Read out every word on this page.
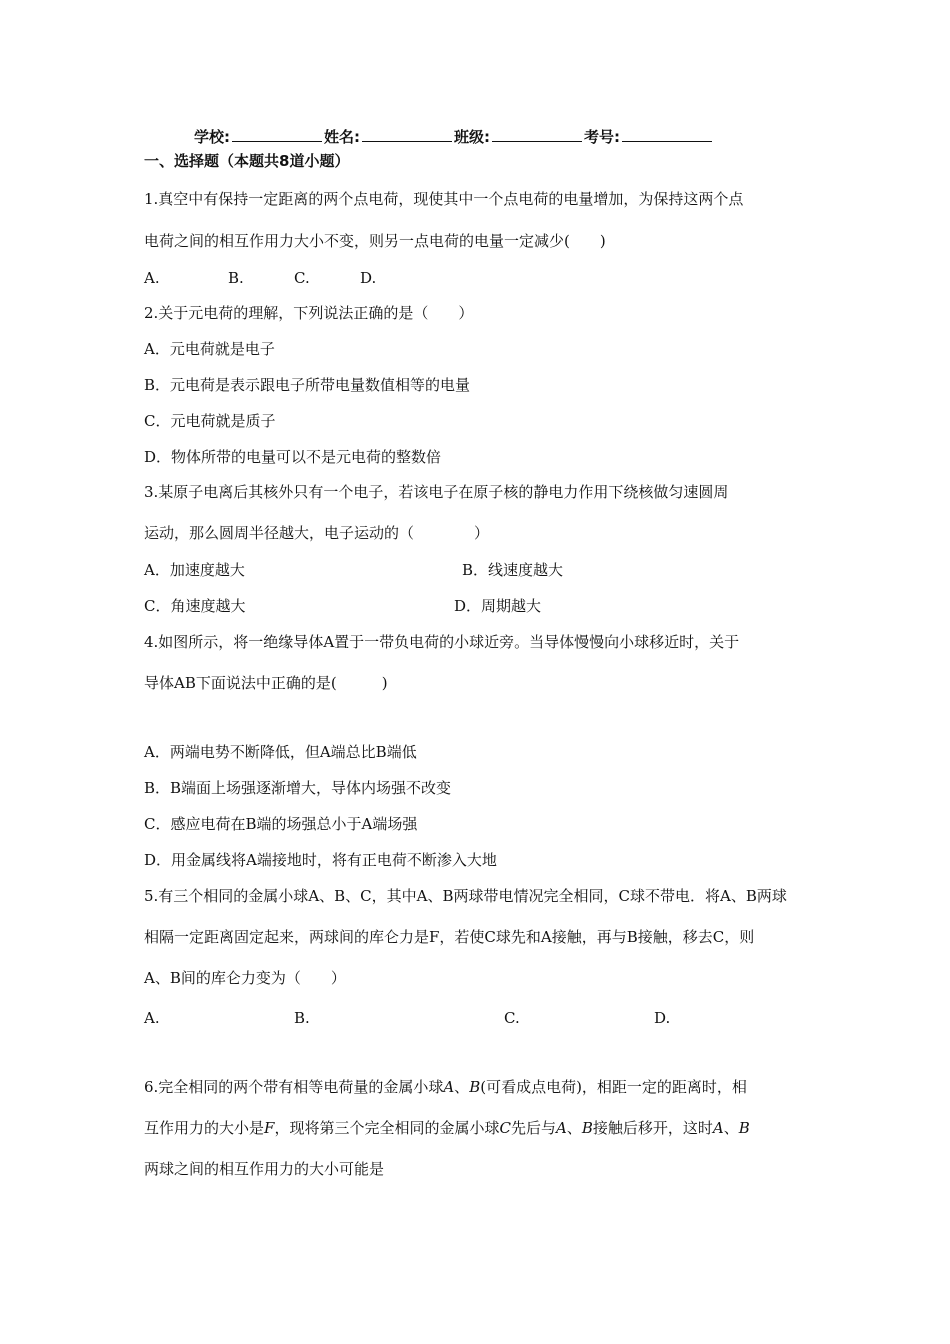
学校:	姓名:	班级:	考号:
一、选择题（本题共8道小题）
1.真空中有保持一定距离的两个点电荷，现使其中一个点电荷的电量增加，为保持这两个点
电荷之间的相互作用力大小不变，则另一点电荷的电量一定减少(　　)
A.	B.	C.	D.
2.关于元电荷的理解，下列说法正确的是（　　）
A．元电荷就是电子
B．元电荷是表示跟电子所带电量数值相等的电量
C．元电荷就是质子
D．物体所带的电量可以不是元电荷的整数倍
3.某原子电离后其核外只有一个电子，若该电子在原子核的静电力作用下绕核做匀速圆周
运动，那么圆周半径越大，电子运动的（　　　　）
A．加速度越大	B．线速度越大
C．角速度越大	D．周期越大
4.如图所示，将一绝缘导体A置于一带负电荷的小球近旁。当导体慢慢向小球移近时，关于
导体AB下面说法中正确的是(　　　)
A．两端电势不断降低，但A端总比B端低
B．B端面上场强逐渐增大，导体内场强不改变
C．感应电荷在B端的场强总小于A端场强
D．用金属线将A端接地时，将有正电荷不断渗入大地
5.有三个相同的金属小球A、B、C，其中A、B两球带电情况完全相同，C球不带电．将A、B两球
相隔一定距离固定起来，两球间的库仑力是F，若使C球先和A接触，再与B接触，移去C，则
A、B间的库仑力变为（　　）
A.	B.	C.	D.
6.完全相同的两个带有相等电荷量的金属小球A、B(可看成点电荷)，相距一定的距离时，相
互作用力的大小是F，现将第三个完全相同的金属小球C先后与A、B接触后移开，这时A、B
两球之间的相互作用力的大小可能是
